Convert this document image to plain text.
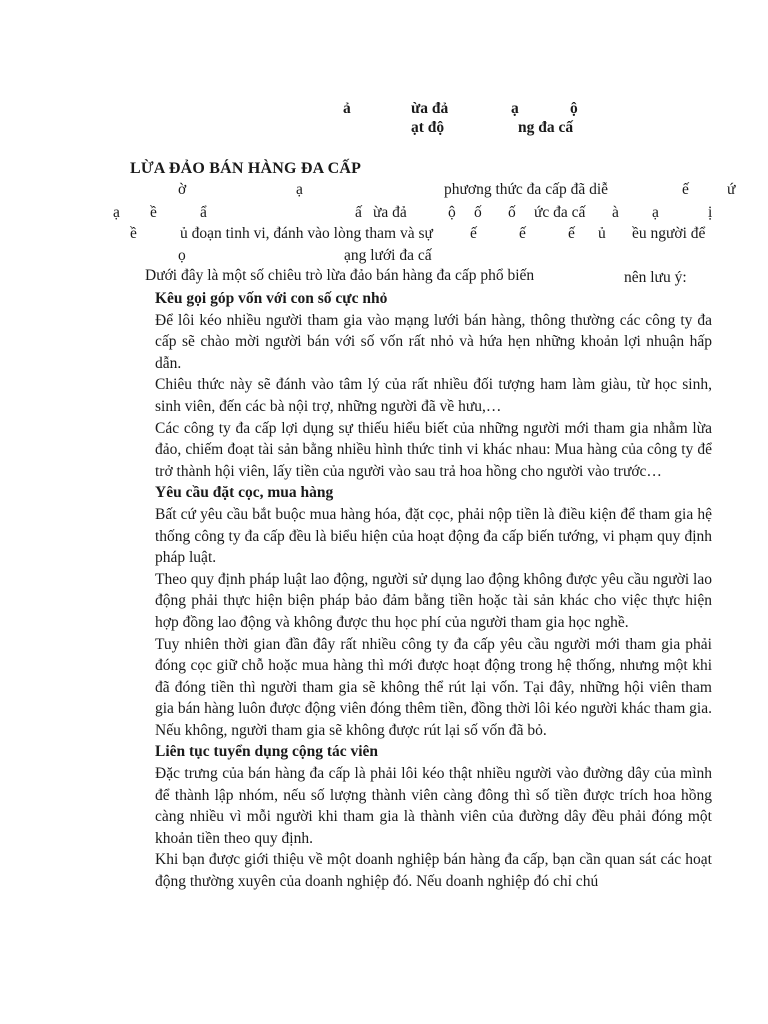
ả	ừa đả	ạ	ộ
ạt độ	ng đa cấ
LỪA ĐẢO BÁN HÀNG ĐA CẤP
ờ	ạ	phương thức đa cấp đã diễ	ế ứ
ạ ề	ẩ	ấ ừa đả	ộ ố ố ức đa cấ à ạ	ị
ề	ủ đoạn tinh vi, đánh vào lòng tham và sự ế	ế	ế ủ ều người để
ọ	ạng lưới đa cấ
Dưới đây là một số chiêu trò lừa đảo bán hàng đa cấp phổ biến	nên lưu ý:

Kêu gọi góp vốn với con số cực nhỏ

Để lôi kéo nhiều người tham gia vào mạng lưới bán hàng, thông thường các công ty đa cấp sẽ chào mời người bán với số vốn rất nhỏ và hứa hẹn những khoản lợi nhuận hấp dẫn.

Chiêu thức này sẽ đánh vào tâm lý của rất nhiều đối tượng ham làm giàu, từ học sinh, sinh viên, đến các bà nội trợ, những người đã về hưu,…

Các công ty đa cấp lợi dụng sự thiếu hiểu biết của những người mới tham gia nhằm lừa đảo, chiếm đoạt tài sản bằng nhiều hình thức tinh vi khác nhau: Mua hàng của công ty để trở thành hội viên, lấy tiền của người vào sau trả hoa hồng cho người vào trước…

Yêu cầu đặt cọc, mua hàng

Bất cứ yêu cầu bắt buộc mua hàng hóa, đặt cọc, phải nộp tiền là điều kiện để tham gia hệ thống công ty đa cấp đều là biểu hiện của hoạt động đa cấp biến tướng, vi phạm quy định pháp luật.

Theo quy định pháp luật lao động, người sử dụng lao động không được yêu cầu người lao động phải thực hiện biện pháp bảo đảm bằng tiền hoặc tài sản khác cho việc thực hiện hợp đồng lao động và không được thu học phí của người tham gia học nghề.

Tuy nhiên thời gian đần đây rất nhiều công ty đa cấp yêu cầu người mới tham gia phải đóng cọc giữ chỗ hoặc mua hàng thì mới được hoạt động trong hệ thống, nhưng một khi đã đóng tiền thì người tham gia sẽ không thể rút lại vốn. Tại đây, những hội viên tham gia bán hàng luôn được động viên đóng thêm tiền, đồng thời lôi kéo người khác tham gia. Nếu không, người tham gia sẽ không được rút lại số vốn đã bỏ.

Liên tục tuyển dụng cộng tác viên

Đặc trưng của bán hàng đa cấp là phải lôi kéo thật nhiều người vào đường dây của mình để thành lập nhóm, nếu số lượng thành viên càng đông thì số tiền được trích hoa hồng càng nhiều vì mỗi người khi tham gia là thành viên của đường dây đều phải đóng một khoản tiền theo quy định.

Khi bạn được giới thiệu về một doanh nghiệp bán hàng đa cấp, bạn cần quan sát các hoạt động thường xuyên của doanh nghiệp đó. Nếu doanh nghiệp đó chỉ chú
